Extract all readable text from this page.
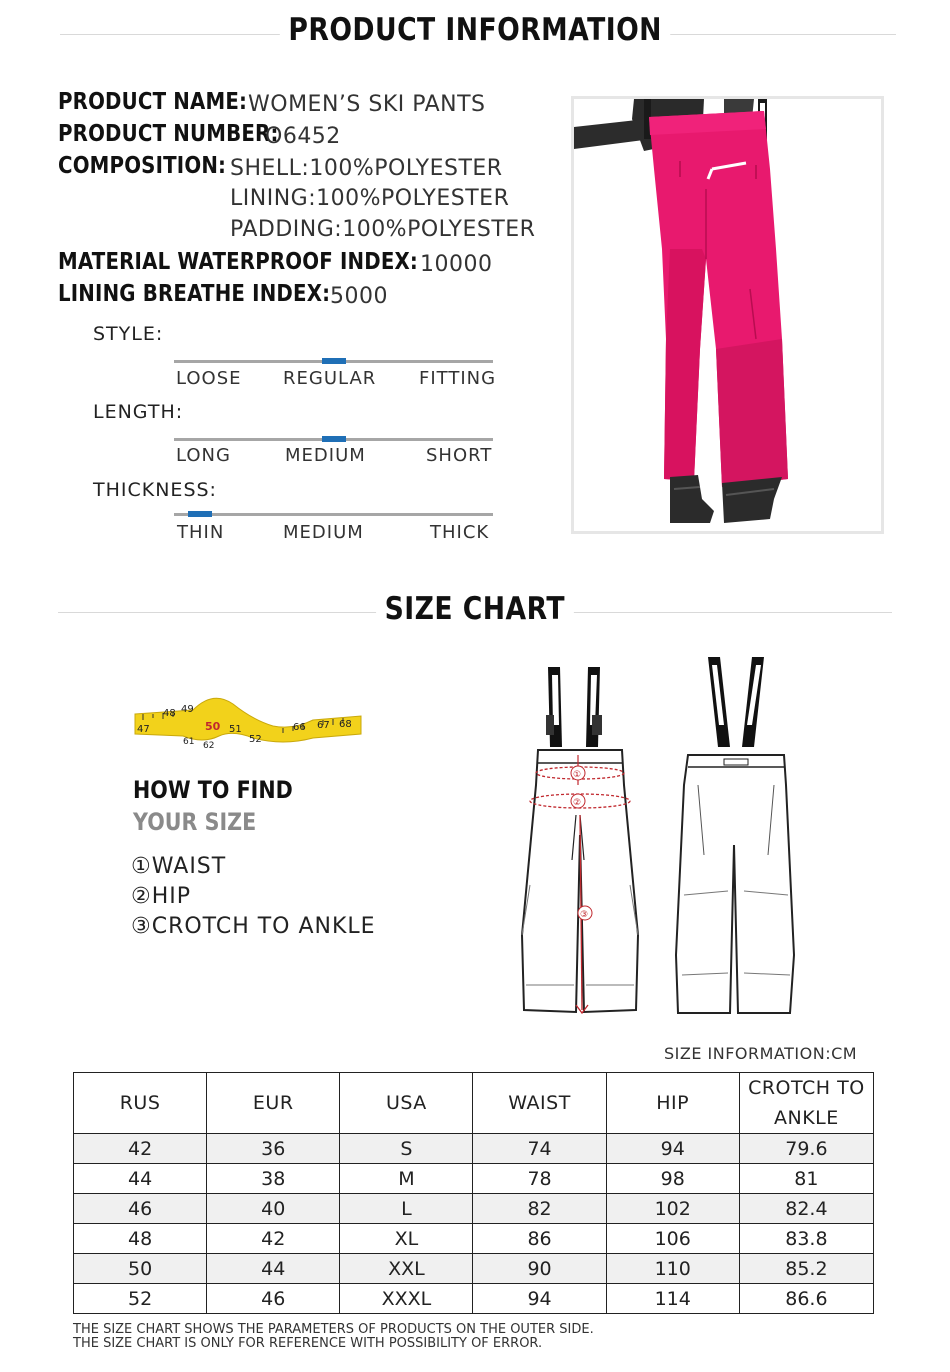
PRODUCT INFORMATION
PRODUCT NAME: WOMEN’S SKI PANTS
PRODUCT NUMBER:
O6452
COMPOSITION: SHELL:100%POLYESTER
LINING:100%POLYESTER
PADDING:100%POLYESTER
MATERIAL WATERPROOF INDEX: 10000
LINING BREATHE INDEX: 5000
STYLE:
LOOSE REGULAR FITTING
LENGTH:
LONG	MEDIUM	SHORT
THICKNESS:
THIN	MEDIUM	THICK
SIZE CHART
47
48 49
50 51
52
61 62
66 67 68
HOW TO FIND
YOUR SIZE
①WAIST
②HIP
③CROTCH TO ANKLE
①
②
③
SIZE INFORMATION:CM
RUS	EUR	USA	WAIST	HIP	CROTCH TO ANKLE
42	36	S	74	94	79.6
44	38	M	78	98	81
46	40	L	82	102	82.4
48	42	XL	86	106	83.8
50	44	XXL	90	110	85.2
52	46	XXXL	94	114	86.6
THE SIZE CHART SHOWS THE PARAMETERS OF PRODUCTS ON THE OUTER SIDE.
THE SIZE CHART IS ONLY FOR REFERENCE WITH POSSIBILITY OF ERROR.
